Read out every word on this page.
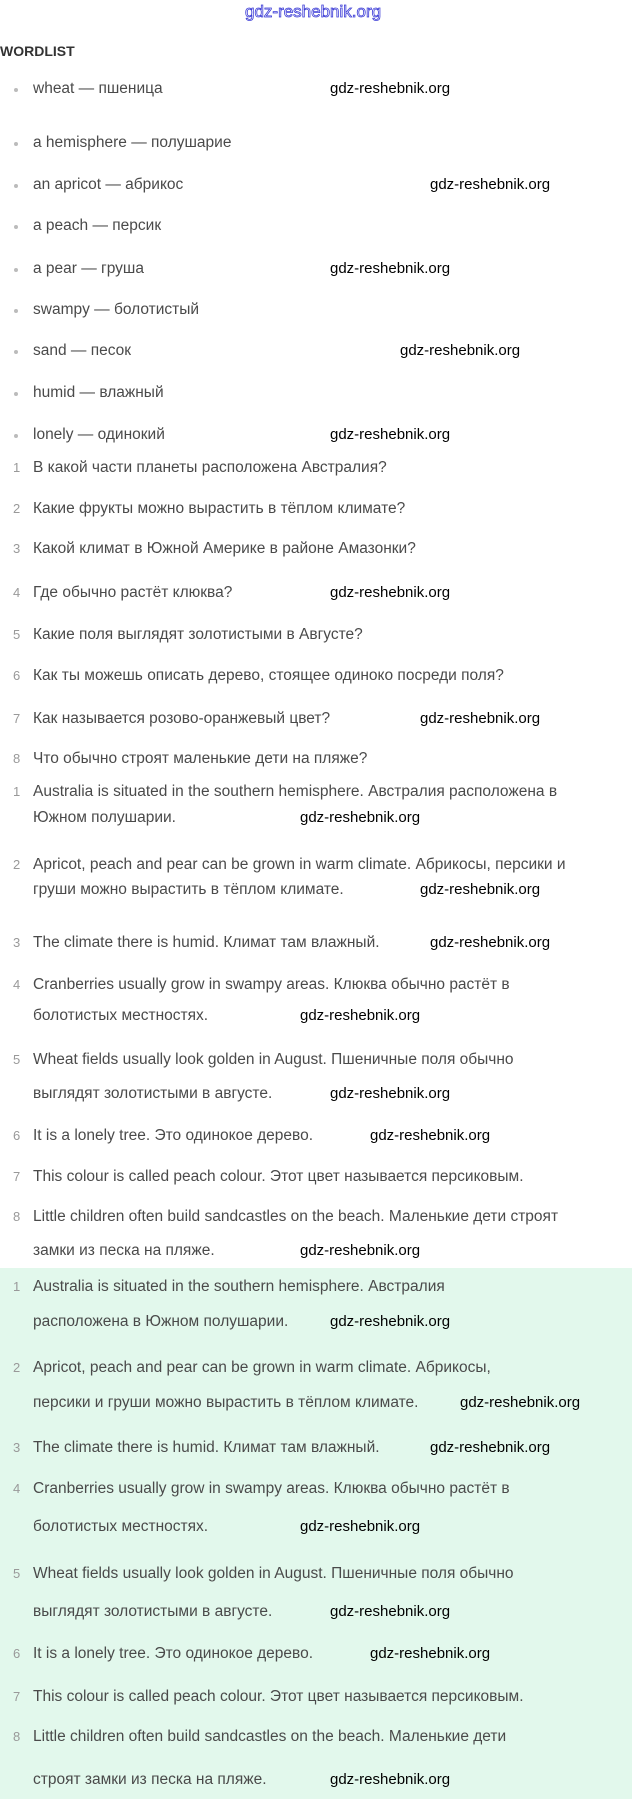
gdz-reshebnik.org
WORDLIST
wheat — пшеница
a hemisphere — полушарие
an apricot — абрикос
a peach — персик
a pear — груша
swampy — болотистый
sand — песок
humid — влажный
lonely — одинокий
1 В какой части планеты расположена Австралия?
2 Какие фрукты можно вырастить в тёплом климате?
3 Какой климат в Южной Америке в районе Амазонки?
4 Где обычно растёт клюква?
5 Какие поля выглядят золотистыми в Августе?
6 Как ты можешь описать дерево, стоящее одиноко посреди поля?
7 Как называется розово-оранжевый цвет?
8 Что обычно строят маленькие дети на пляже?
1 Australia is situated in the southern hemisphere. Австралия расположена в
Южном полушарии.
2 Apricot, peach and pear can be grown in warm climate. Абрикосы, персики и
груши можно вырастить в тёплом климате.
3 The climate there is humid. Климат там влажный.
4 Cranberries usually grow in swampy areas. Клюква обычно растёт в
болотистых местностях.
5 Wheat fields usually look golden in August. Пшеничные поля обычно
выглядят золотистыми в августе.
6 It is a lonely tree. Это одинокое дерево.
7 This colour is called peach colour. Этот цвет называется персиковым.
8 Little children often build sandcastles on the beach. Маленькие дети строят
замки из песка на пляже.
1 Australia is situated in the southern hemisphere. Австралия
расположена в Южном полушарии.
2 Apricot, peach and pear can be grown in warm climate. Абрикосы,
персики и груши можно вырастить в тёплом климате.
3 The climate there is humid. Климат там влажный.
4 Cranberries usually grow in swampy areas. Клюква обычно растёт в
болотистых местностях.
5 Wheat fields usually look golden in August. Пшеничные поля обычно
выглядят золотистыми в августе.
6 It is a lonely tree. Это одинокое дерево.
7 This colour is called peach colour. Этот цвет называется персиковым.
8 Little children often build sandcastles on the beach. Маленькие дети
строят замки из песка на пляже.
gdz-reshebnik.org
gdz-reshebnik.org
gdz-reshebnik.org
gdz-reshebnik.org
gdz-reshebnik.org
gdz-reshebnik.org
gdz-reshebnik.org
gdz-reshebnik.org
gdz-reshebnik.org
gdz-reshebnik.org
gdz-reshebnik.org
gdz-reshebnik.org
gdz-reshebnik.org
gdz-reshebnik.org
gdz-reshebnik.org
gdz-reshebnik.org
gdz-reshebnik.org
gdz-reshebnik.org
gdz-reshebnik.org
gdz-reshebnik.org
gdz-reshebnik.org
